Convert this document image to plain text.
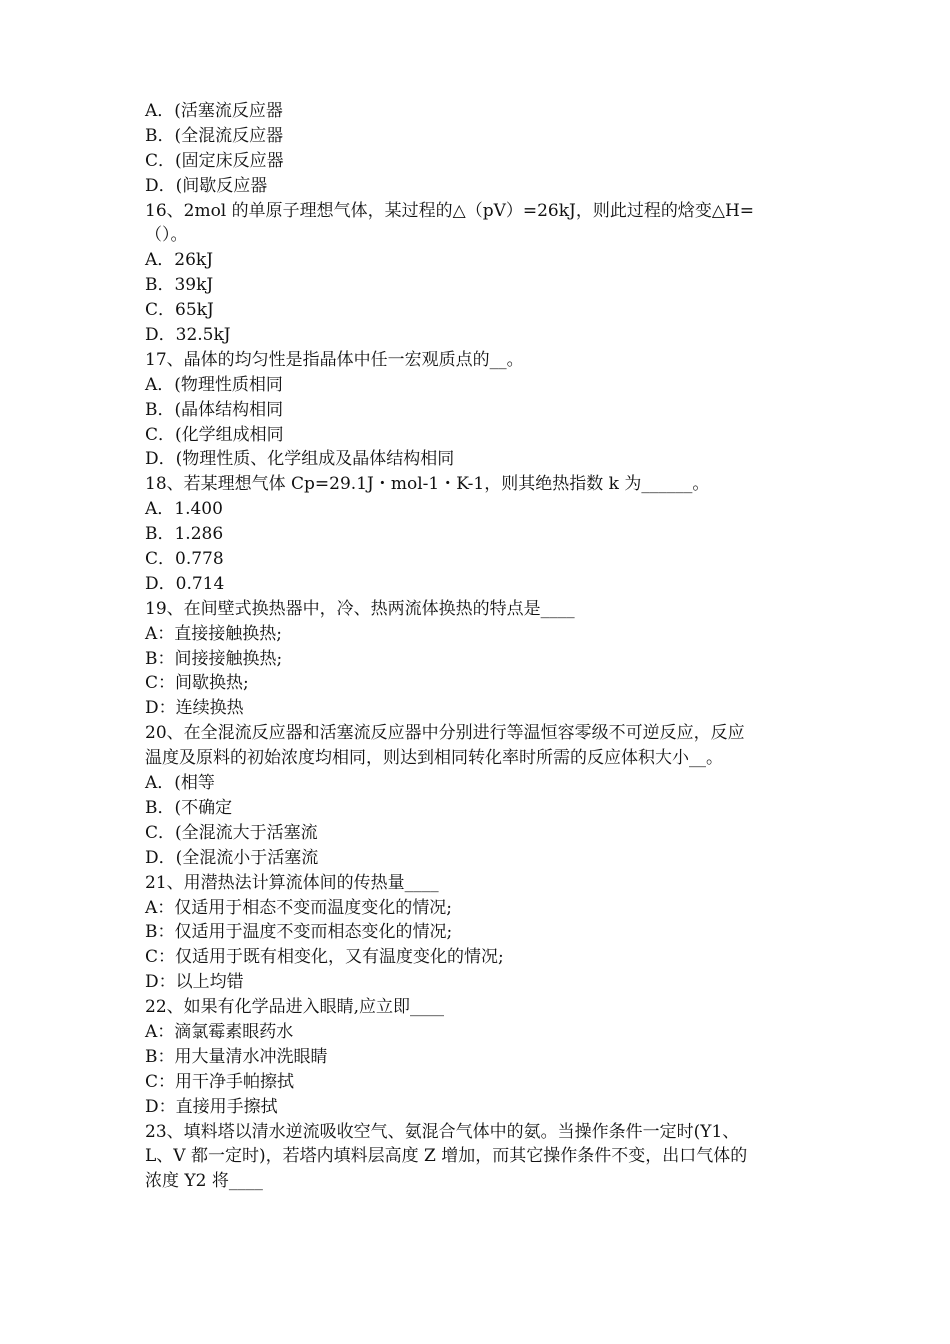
A．(活塞流反应器
B．(全混流反应器
C．(固定床反应器
D．(间歇反应器
16、2mol 的单原子理想气体，某过程的△（pV）=26kJ，则此过程的焓变△H=
（）。
A．26kJ
B．39kJ
C．65kJ
D．32.5kJ
17、晶体的均匀性是指晶体中任一宏观质点的__。
A．(物理性质相同
B．(晶体结构相同
C．(化学组成相同
D．(物理性质、化学组成及晶体结构相同
18、若某理想气体 Cp=29.1J・mol-1・K-1，则其绝热指数 k 为______。
A．1.400
B．1.286
C．0.778
D．0.714
19、在间壁式换热器中，冷、热两流体换热的特点是____
A：直接接触换热;
B：间接接触换热;
C：间歇换热;
D：连续换热
20、在全混流反应器和活塞流反应器中分别进行等温恒容零级不可逆反应，反应
温度及原料的初始浓度均相同，则达到相同转化率时所需的反应体积大小__。
A．(相等
B．(不确定
C．(全混流大于活塞流
D．(全混流小于活塞流
21、用潜热法计算流体间的传热量____
A：仅适用于相态不变而温度变化的情况;
B：仅适用于温度不变而相态变化的情况;
C：仅适用于既有相变化，又有温度变化的情况;
D：以上均错
22、如果有化学品进入眼睛,应立即____
A：滴氯霉素眼药水
B：用大量清水冲洗眼睛
C：用干净手帕擦拭
D：直接用手擦拭
23、填料塔以清水逆流吸收空气、氨混合气体中的氨。当操作条件一定时(Y1、
L、V 都一定时)，若塔内填料层高度 Z 增加，而其它操作条件不变，出口气体的
浓度 Y2 将____
